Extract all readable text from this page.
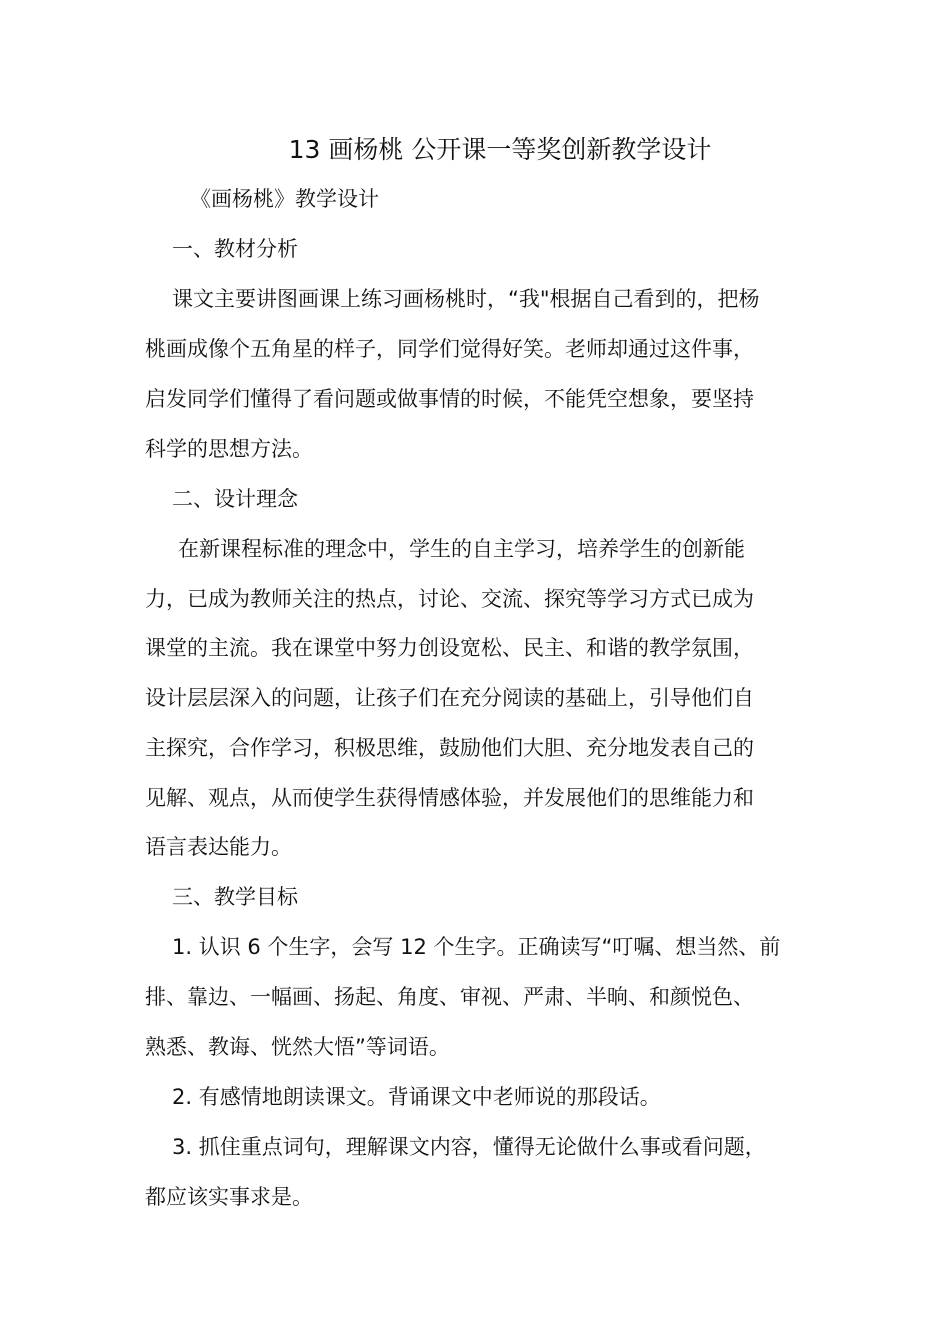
13 画杨桃 公开课一等奖创新教学设计
《画杨桃》教学设计
一、教材分析
课文主要讲图画课上练习画杨桃时，“我"根据自己看到的，把杨
桃画成像个五角星的样子，同学们觉得好笑。老师却通过这件事，
启发同学们懂得了看问题或做事情的时候，不能凭空想象，要坚持
科学的思想方法。
二、设计理念
在新课程标准的理念中，学生的自主学习，培养学生的创新能
力，已成为教师关注的热点，讨论、交流、探究等学习方式已成为
课堂的主流。我在课堂中努力创设宽松、民主、和谐的教学氛围，
设计层层深入的问题，让孩子们在充分阅读的基础上，引导他们自
主探究，合作学习，积极思维，鼓励他们大胆、充分地发表自己的
见解、观点，从而使学生获得情感体验，并发展他们的思维能力和
语言表达能力。
三、教学目标
1. 认识 6 个生字，会写 12 个生字。正确读写“叮嘱、想当然、前
排、靠边、一幅画、扬起、角度、审视、严肃、半晌、和颜悦色、
熟悉、教诲、恍然大悟”等词语。
2. 有感情地朗读课文。背诵课文中老师说的那段话。
3. 抓住重点词句，理解课文内容，懂得无论做什么事或看问题，
都应该实事求是。
